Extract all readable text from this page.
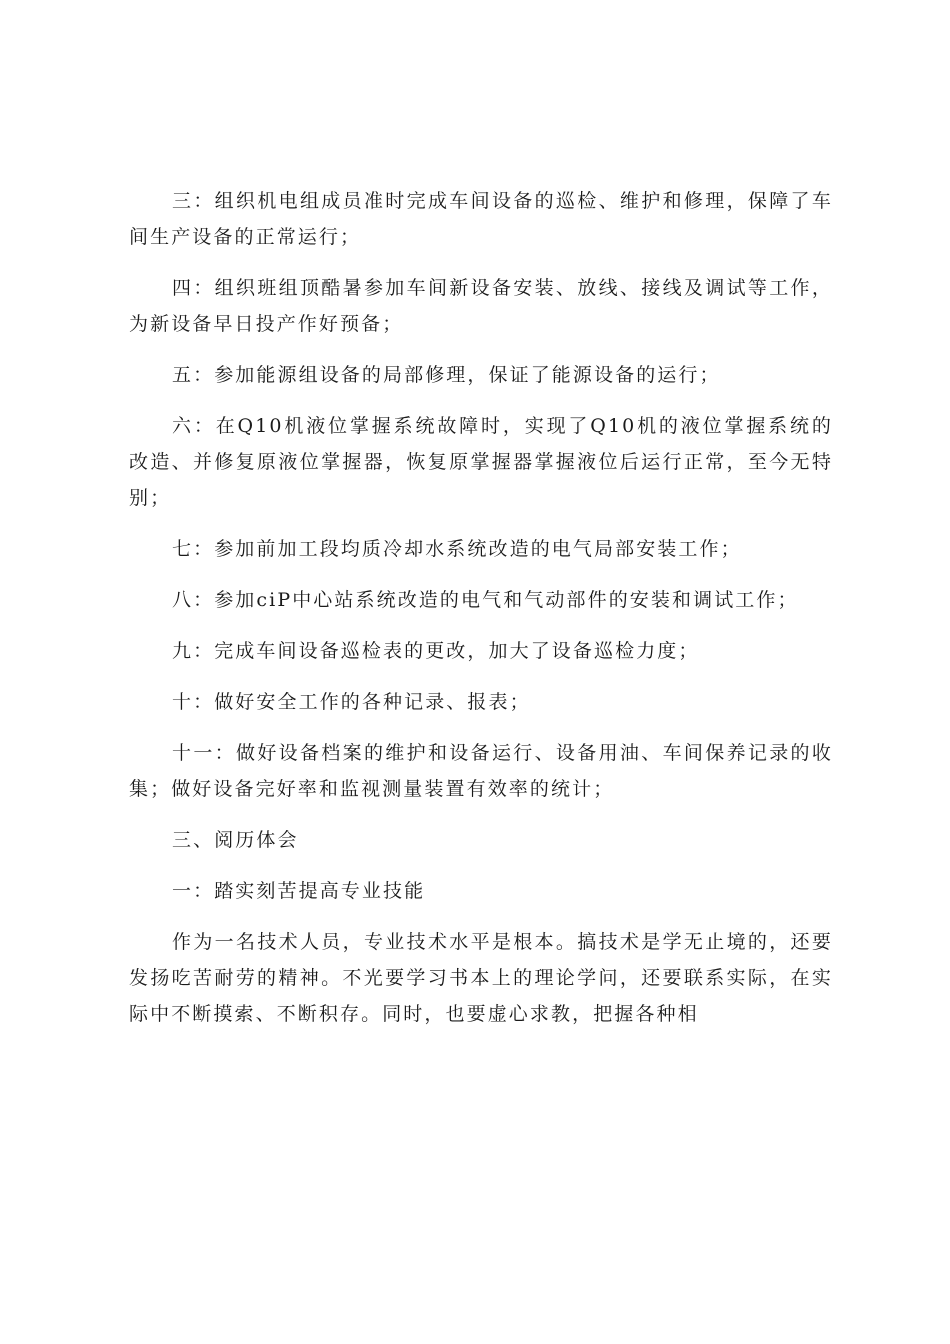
三：组织机电组成员准时完成车间设备的巡检、维护和修理，保障了车间生产设备的正常运行；

四：组织班组顶酷暑参加车间新设备安装、放线、接线及调试等工作，为新设备早日投产作好预备；

五：参加能源组设备的局部修理，保证了能源设备的运行；

六：在Q10机液位掌握系统故障时，实现了Q10机的液位掌握系统的改造、并修复原液位掌握器，恢复原掌握器掌握液位后运行正常，至今无特别；

七：参加前加工段均质冷却水系统改造的电气局部安装工作；

八：参加ciP中心站系统改造的电气和气动部件的安装和调试工作；

九：完成车间设备巡检表的更改，加大了设备巡检力度；

十：做好安全工作的各种记录、报表；

十一：做好设备档案的维护和设备运行、设备用油、车间保养记录的收集；做好设备完好率和监视测量装置有效率的统计；

三、阅历体会

一：踏实刻苦提高专业技能

作为一名技术人员，专业技术水平是根本。搞技术是学无止境的，还要发扬吃苦耐劳的精神。不光要学习书本上的理论学问，还要联系实际，在实际中不断摸索、不断积存。同时，也要虚心求教，把握各种相
